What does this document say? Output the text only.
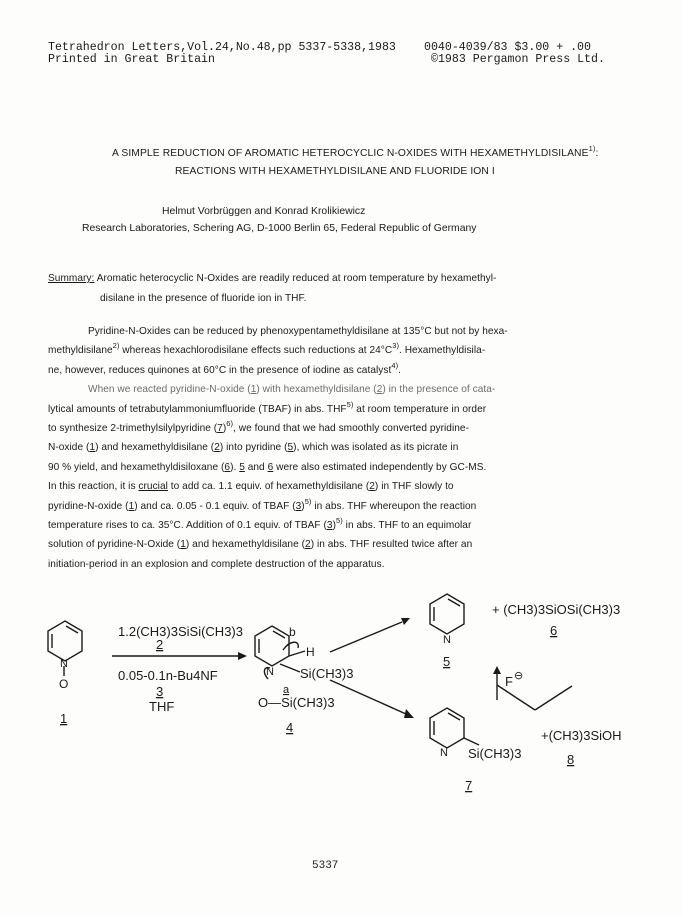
Tetrahedron Letters,Vol.24,No.48,pp 5337-5338,1983 0040-4039/83 $3.00 + .00
Printed in Great Britain	©1983 Pergamon Press Ltd.
A SIMPLE REDUCTION OF AROMATIC HETEROCYCLIC N-OXIDES WITH HEXAMETHYLDISILANE$^{1)}$:
REACTIONS WITH HEXAMETHYLDISILANE AND FLUORIDE ION I
Helmut Vorbrüggen and Konrad Krolikiewicz
Research Laboratories, Schering AG, D-1000 Berlin 65, Federal Republic of Germany
Summary: Aromatic heterocyclic N-Oxides are readily reduced at room temperature by hexamethyl-
disilane in the presence of fluoride ion in THF.
Pyridine-N-Oxides can be reduced by phenoxypentamethyldisilane at 135°C but not by hexa-
methyldisilane$^{2)}$ whereas hexachlorodisilane effects such reductions at $24^\circ C^{3)}$. Hexamethyldisila-
ne, however, reduces quinones at 60°C in the presence of iodine as catalyst$^{4)}$.
When we reacted pyridine-N-oxide (1) with hexamethyldisilane (2) in the presence of cata-
lytical amounts of tetrabutylammoniumfluoride (TBAF) in abs. THF$^{5)}$ at room temperature in order
to synthesize 2-trimethylsilylpyridine $(7)^{6)}$, we found that we had smoothly converted pyridine-
N-oxide (1) and hexamethyldisilane (2) into pyridine (5), which was isolated as its picrate in
90 % yield, and hexamethyldisiloxane (6). 5 and 6 were also estimated independently by GC-MS.
In this reaction, it is crucial to add ca. 1.1 equiv. of hexamethyldisilane (2) in THF slowly to
pyridine-N-oxide (1) and ca. 0.05 - 0.1 equiv. of TBAF $(3)^{5)}$ in abs. THF whereupon the reaction
temperature rises to ca. 35°C. Addition of 0.1 equiv. of TBAF $(3)^{5)}$ in abs. THF to an equimolar
solution of pyridine-N-Oxide (1) and hexamethyldisilane (2) in abs. THF resulted twice after an
initiation-period in an explosion and complete destruction of the apparatus.
1.2(CH3)3SiSi(CH3)3
2
0.05-0.1n-Bu4NF
3
THF
N
O
1
b
H
N Si(CH3)3
a
O—Si(CH3)3
4
N
5
+ (CH3)3SiOSi(CH3)3
6
F ⊖
N Si(CH3)3
7
+(CH3)3SiOH
8
5337
